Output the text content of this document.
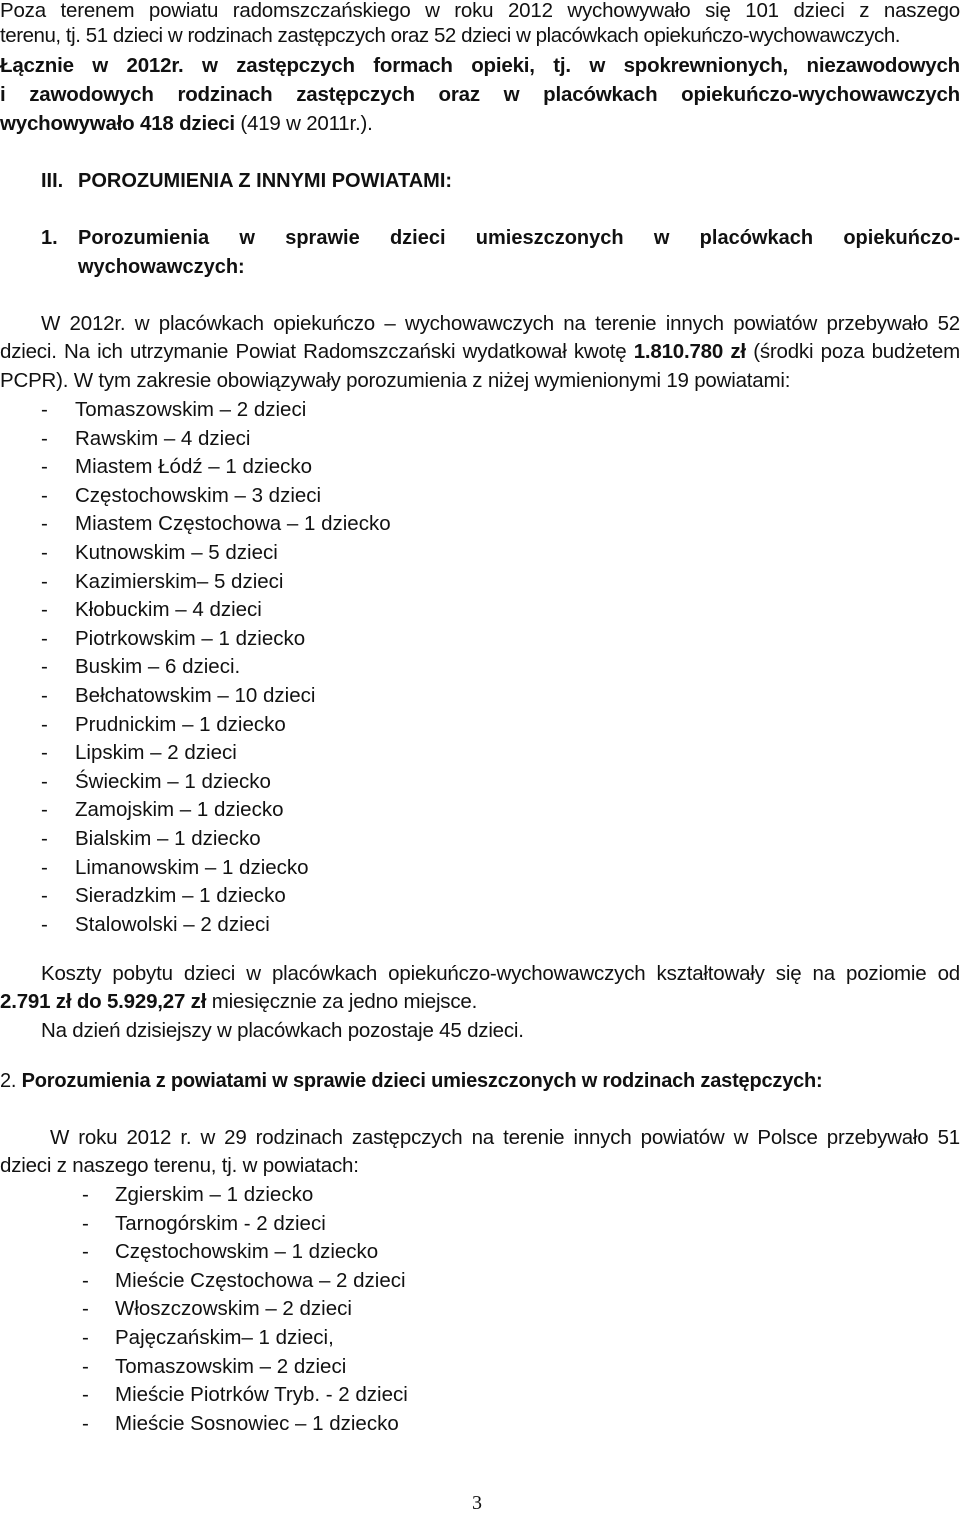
Poza terenem powiatu radomszczańskiego w roku 2012 wychowywało się 101 dzieci z naszego
terenu, tj. 51 dzieci w rodzinach zastępczych oraz 52 dzieci w placówkach opiekuńczo-wychowawczych.
Łącznie w 2012r. w zastępczych formach opieki, tj. w spokrewnionych, niezawodowych
i zawodowych rodzinach zastępczych oraz w placówkach opiekuńczo-wychowawczych
wychowywało 418 dzieci (419 w 2011r.).
III. POROZUMIENIA Z INNYMI POWIATAMI:
1. Porozumienia w sprawie dzieci umieszczonych w placówkach opiekuńczo-
wychowawczych:
W 2012r. w placówkach opiekuńczo – wychowawczych na terenie innych powiatów przebywało 52
dzieci. Na ich utrzymanie Powiat Radomszczański wydatkował kwotę 1.810.780 zł (środki poza budżetem
PCPR). W tym zakresie obowiązywały porozumienia z niżej wymienionymi 19 powiatami:
- Tomaszowskim – 2 dzieci
- Rawskim – 4 dzieci
- Miastem Łódź – 1 dziecko
- Częstochowskim – 3 dzieci
- Miastem Częstochowa – 1 dziecko
- Kutnowskim – 5 dzieci
- Kazimierskim– 5 dzieci
- Kłobuckim – 4 dzieci
- Piotrkowskim – 1 dziecko
- Buskim – 6 dzieci.
- Bełchatowskim – 10 dzieci
- Prudnickim – 1 dziecko
- Lipskim – 2 dzieci
- Świeckim – 1 dziecko
- Zamojskim – 1 dziecko
- Bialskim – 1 dziecko
- Limanowskim – 1 dziecko
- Sieradzkim – 1 dziecko
- Stalowolski – 2 dzieci
Koszty pobytu dzieci w placówkach opiekuńczo-wychowawczych kształtowały się na poziomie od
2.791 zł do 5.929,27 zł miesięcznie za jedno miejsce.
Na dzień dzisiejszy w placówkach pozostaje 45 dzieci.
2. Porozumienia z powiatami w sprawie dzieci umieszczonych w rodzinach zastępczych:
W roku 2012 r. w 29 rodzinach zastępczych na terenie innych powiatów w Polsce przebywało 51
dzieci z naszego terenu, tj. w powiatach:
- Zgierskim – 1 dziecko
- Tarnogórskim - 2 dzieci
- Częstochowskim – 1 dziecko
- Mieście Częstochowa – 2 dzieci
- Włoszczowskim – 2 dzieci
- Pajęczańskim– 1 dzieci,
- Tomaszowskim – 2 dzieci
- Mieście Piotrków Tryb. - 2 dzieci
- Mieście Sosnowiec – 1 dziecko
3
